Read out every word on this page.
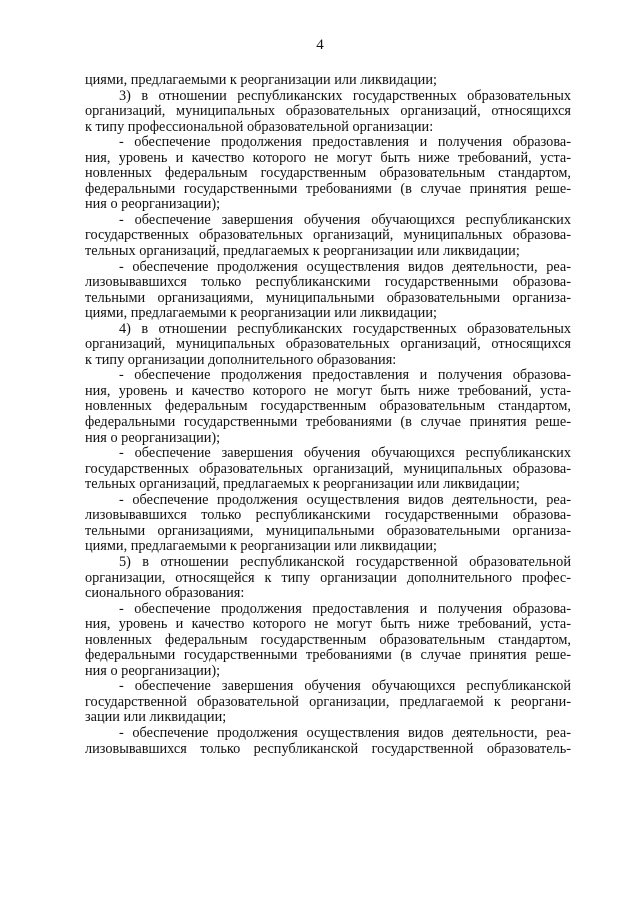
4
циями, предлагаемыми к реорганизации или ликвидации;
3) в отношении республиканских государственных образовательных
организаций, муниципальных образовательных организаций, относящихся
к типу профессиональной образовательной организации:
- обеспечение продолжения предоставления и получения образова-
ния, уровень и качество которого не могут быть ниже требований, уста-
новленных федеральным государственным образовательным стандартом,
федеральными государственными требованиями (в случае принятия реше-
ния о реорганизации);
- обеспечение завершения обучения обучающихся республиканских
государственных образовательных организаций, муниципальных образова-
тельных организаций, предлагаемых к реорганизации или ликвидации;
- обеспечение продолжения осуществления видов деятельности, реа-
лизовывавшихся только республиканскими государственными образова-
тельными организациями, муниципальными образовательными организа-
циями, предлагаемыми к реорганизации или ликвидации;
4) в отношении республиканских государственных образовательных
организаций, муниципальных образовательных организаций, относящихся
к типу организации дополнительного образования:
- обеспечение продолжения предоставления и получения образова-
ния, уровень и качество которого не могут быть ниже требований, уста-
новленных федеральным государственным образовательным стандартом,
федеральными государственными требованиями (в случае принятия реше-
ния о реорганизации);
- обеспечение завершения обучения обучающихся республиканских
государственных образовательных организаций, муниципальных образова-
тельных организаций, предлагаемых к реорганизации или ликвидации;
- обеспечение продолжения осуществления видов деятельности, реа-
лизовывавшихся только республиканскими государственными образова-
тельными организациями, муниципальными образовательными организа-
циями, предлагаемыми к реорганизации или ликвидации;
5) в отношении республиканской государственной образовательной
организации, относящейся к типу организации дополнительного профес-
сионального образования:
- обеспечение продолжения предоставления и получения образова-
ния, уровень и качество которого не могут быть ниже требований, уста-
новленных федеральным государственным образовательным стандартом,
федеральными государственными требованиями (в случае принятия реше-
ния о реорганизации);
- обеспечение завершения обучения обучающихся республиканской
государственной образовательной организации, предлагаемой к реоргани-
зации или ликвидации;
- обеспечение продолжения осуществления видов деятельности, реа-
лизовывавшихся только республиканской государственной образователь-
